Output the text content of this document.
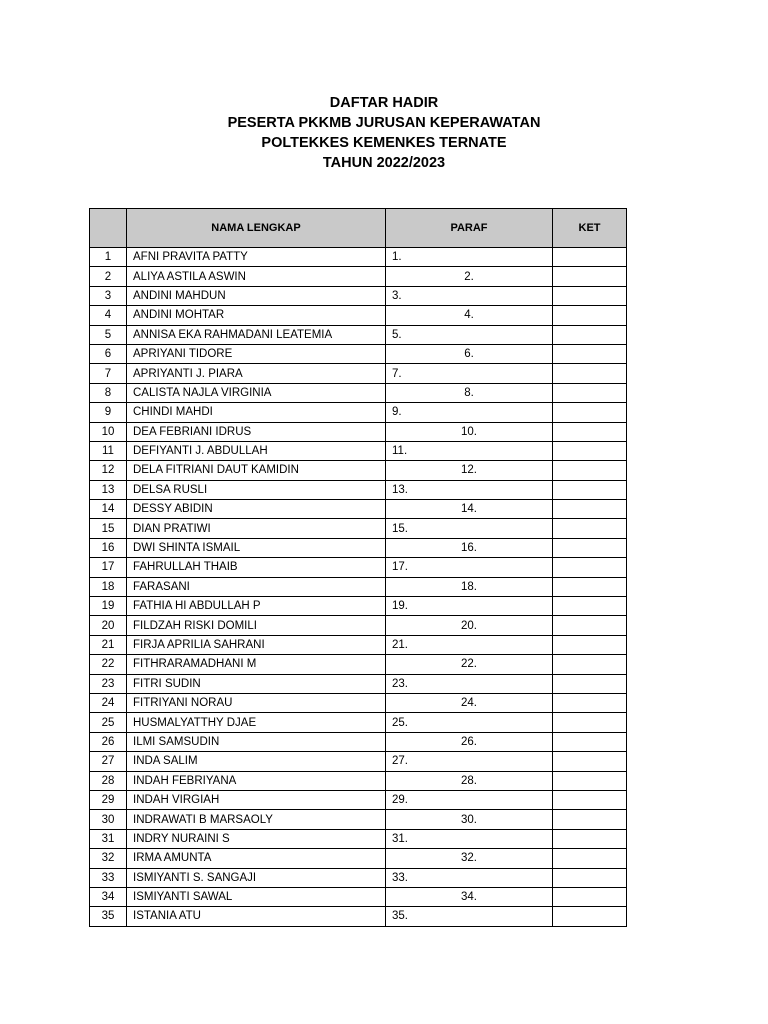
DAFTAR HADIR

PESERTA PKKMB JURUSAN KEPERAWATAN

POLTEKKES KEMENKES TERNATE

TAHUN 2022/2023

	NAMA LENGKAP	PARAF	KET
1	AFNI PRAVITA PATTY	1.	
2	ALIYA ASTILA ASWIN	2.	
3	ANDINI MAHDUN	3.	
4	ANDINI MOHTAR	4.	
5	ANNISA EKA RAHMADANI LEATEMIA	5.	
6	APRIYANI TIDORE	6.	
7	APRIYANTI J. PIARA	7.	
8	CALISTA NAJLA VIRGINIA	8.	
9	CHINDI MAHDI	9.	
10	DEA FEBRIANI IDRUS	10.	
11	DEFIYANTI J. ABDULLAH	11.	
12	DELA FITRIANI DAUT KAMIDIN	12.	
13	DELSA RUSLI	13.	
14	DESSY ABIDIN	14.	
15	DIAN PRATIWI	15.	
16	DWI SHINTA ISMAIL	16.	
17	FAHRULLAH THAIB	17.	
18	FARASANI	18.	
19	FATHIA HI ABDULLAH P	19.	
20	FILDZAH RISKI DOMILI	20.	
21	FIRJA APRILIA SAHRANI	21.	
22	FITHRARAMADHANI M	22.	
23	FITRI SUDIN	23.	
24	FITRIYANI NORAU	24.	
25	HUSMALYATTHY DJAE	25.	
26	ILMI SAMSUDIN	26.	
27	INDA SALIM	27.	
28	INDAH FEBRIYANA	28.	
29	INDAH VIRGIAH	29.	
30	INDRAWATI B MARSAOLY	30.	
31	INDRY NURAINI S	31.	
32	IRMA AMUNTA	32.	
33	ISMIYANTI S. SANGAJI	33.	
34	ISMIYANTI SAWAL	34.	
35	ISTANIA ATU	35.	
